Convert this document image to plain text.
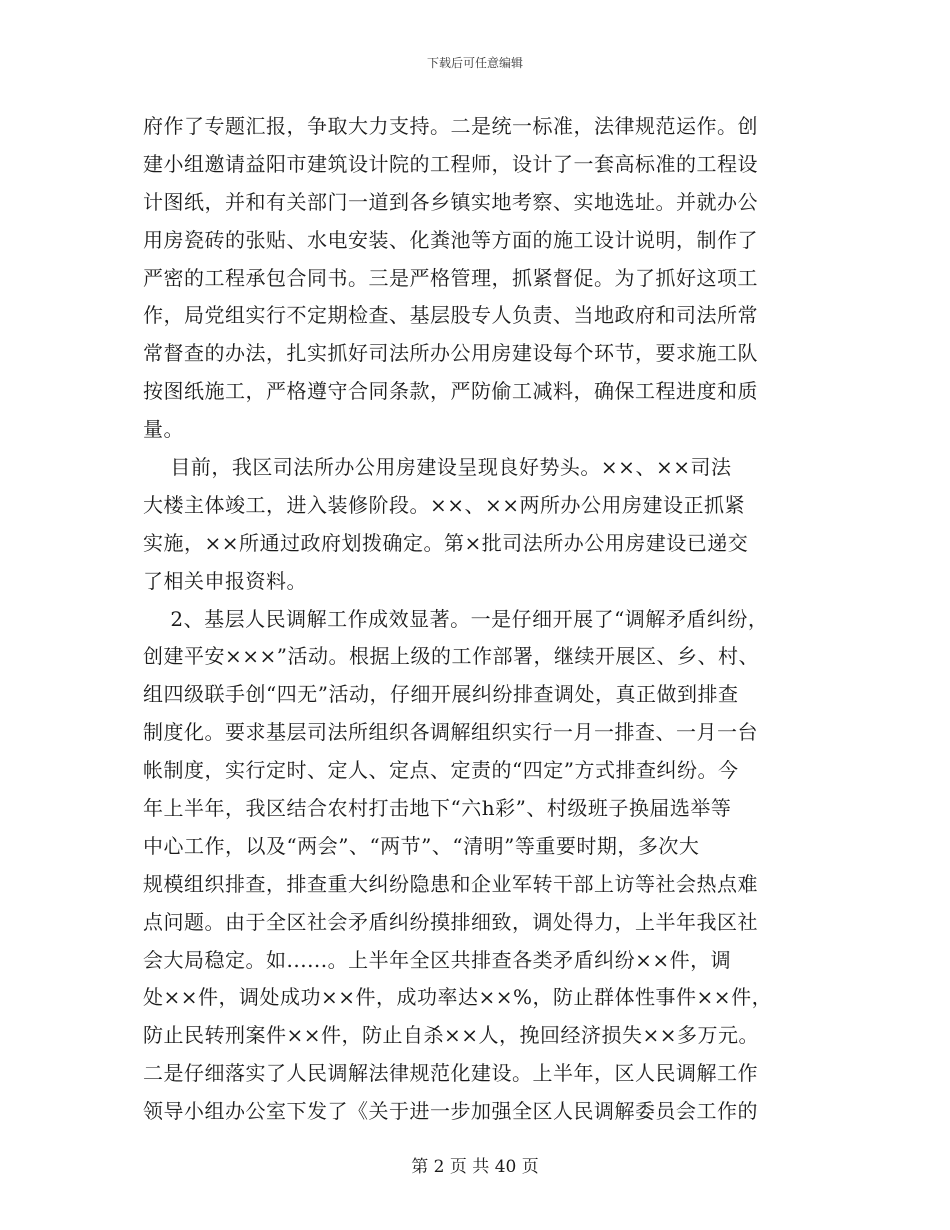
下载后可任意编辑
府作了专题汇报，争取大力支持。二是统一标准，法律规范运作。创
建小组邀请益阳市建筑设计院的工程师，设计了一套高标准的工程设
计图纸，并和有关部门一道到各乡镇实地考察、实地选址。并就办公
用房瓷砖的张贴、水电安装、化粪池等方面的施工设计说明，制作了
严密的工程承包合同书。三是严格管理，抓紧督促。为了抓好这项工
作，局党组实行不定期检查、基层股专人负责、当地政府和司法所常
常督查的办法，扎实抓好司法所办公用房建设每个环节，要求施工队
按图纸施工，严格遵守合同条款，严防偷工减料，确保工程进度和质
量。
目前，我区司法所办公用房建设呈现良好势头。××、××司法
大楼主体竣工，进入装修阶段。××、××两所办公用房建设正抓紧
实施，××所通过政府划拨确定。第×批司法所办公用房建设已递交
了相关申报资料。
2、基层人民调解工作成效显著。一是仔细开展了“调解矛盾纠纷，
创建平安×××”活动。根据上级的工作部署，继续开展区、乡、村、
组四级联手创“四无”活动，仔细开展纠纷排查调处，真正做到排查
制度化。要求基层司法所组织各调解组织实行一月一排查、一月一台
帐制度，实行定时、定人、定点、定责的“四定”方式排查纠纷。今
年上半年，我区结合农村打击地下“六h彩”、村级班子换届选举等
中心工作，以及“两会”、“两节”、“清明”等重要时期，多次大
规模组织排查，排查重大纠纷隐患和企业军转干部上访等社会热点难
点问题。由于全区社会矛盾纠纷摸排细致，调处得力，上半年我区社
会大局稳定。如......。上半年全区共排查各类矛盾纠纷××件，调
处××件，调处成功××件，成功率达××%，防止群体性事件××件，
防止民转刑案件××件，防止自杀××人，挽回经济损失××多万元。
二是仔细落实了人民调解法律规范化建设。上半年，区人民调解工作
领导小组办公室下发了《关于进一步加强全区人民调解委员会工作的
第 2 页 共 40 页
